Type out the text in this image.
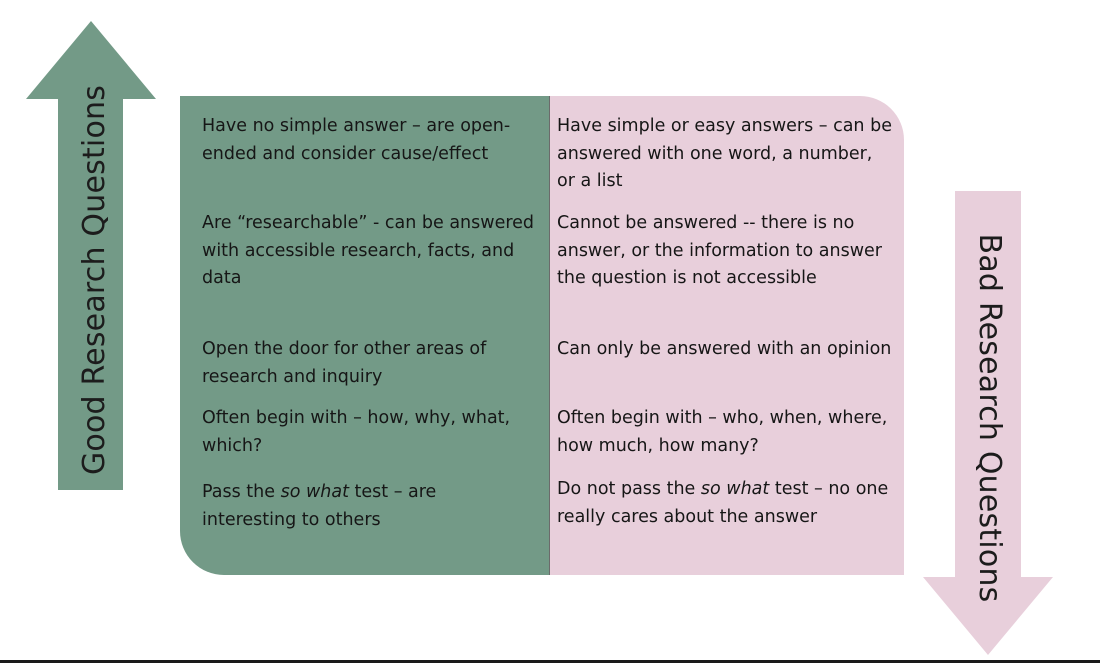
Good Research Questions	Bad Research Questions
Have no simple answer – are open-ended and consider cause/effect
Are “researchable” - can be answered with accessible research, facts, and data
Open the door for other areas of research and inquiry
Often begin with – how, why, what, which?
Pass the so what test – are interesting to others
Have simple or easy answers – can be answered with one word, a number, or a list
Cannot be answered -- there is no answer, or the information to answer the question is not accessible
Can only be answered with an opinion
Often begin with – who, when, where, how much, how many?
Do not pass the so what test – no one really cares about the answer
